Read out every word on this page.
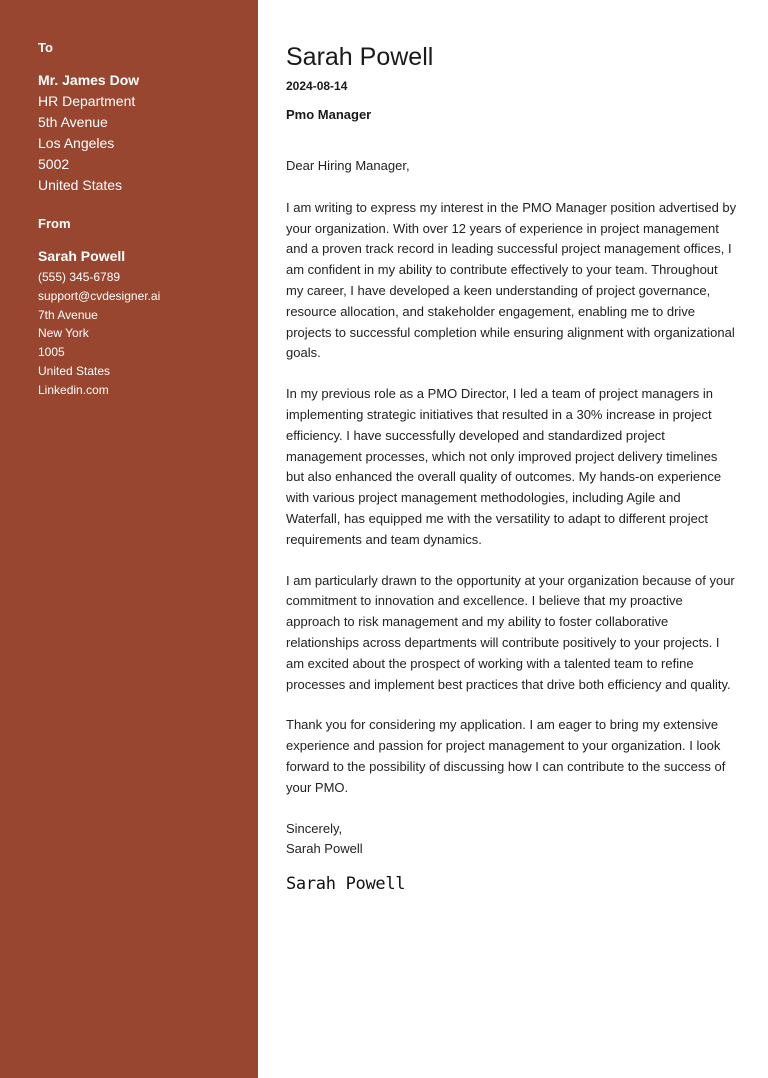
To
Mr. James Dow
HR Department
5th Avenue
Los Angeles
5002
United States
From
Sarah Powell
(555) 345-6789
support@cvdesigner.ai
7th Avenue
New York
1005
United States
Linkedin.com
Sarah Powell
2024-08-14
Pmo Manager
Dear Hiring Manager,

I am writing to express my interest in the PMO Manager position advertised by your organization. With over 12 years of experience in project management and a proven track record in leading successful project management offices, I am confident in my ability to contribute effectively to your team. Throughout my career, I have developed a keen understanding of project governance, resource allocation, and stakeholder engagement, enabling me to drive projects to successful completion while ensuring alignment with organizational goals.

In my previous role as a PMO Director, I led a team of project managers in implementing strategic initiatives that resulted in a 30% increase in project efficiency. I have successfully developed and standardized project management processes, which not only improved project delivery timelines but also enhanced the overall quality of outcomes. My hands-on experience with various project management methodologies, including Agile and Waterfall, has equipped me with the versatility to adapt to different project requirements and team dynamics.

I am particularly drawn to the opportunity at your organization because of your commitment to innovation and excellence. I believe that my proactive approach to risk management and my ability to foster collaborative relationships across departments will contribute positively to your projects. I am excited about the prospect of working with a talented team to refine processes and implement best practices that drive both efficiency and quality.

Thank you for considering my application. I am eager to bring my extensive experience and passion for project management to your organization. I look forward to the possibility of discussing how I can contribute to the success of your PMO.

Sincerely,
Sarah Powell
Sarah Powell
